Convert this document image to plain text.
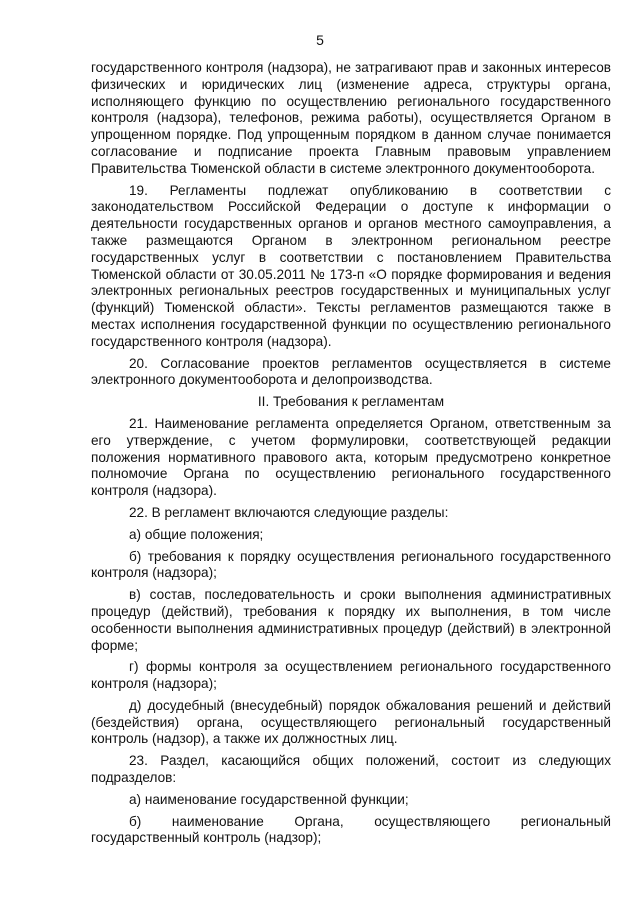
5

государственного контроля (надзора), не затрагивают прав и законных интересов физических и юридических лиц (изменение адреса, структуры органа, исполняющего функцию по осуществлению регионального государственного контроля (надзора), телефонов, режима работы), осуществляется Органом в упрощенном порядке. Под упрощенным порядком в данном случае понимается согласование и подписание проекта Главным правовым управлением Правительства Тюменской области в системе электронного документооборота.

19. Регламенты подлежат опубликованию в соответствии с законодательством Российской Федерации о доступе к информации о деятельности государственных органов и органов местного самоуправления, а также размещаются Органом в электронном региональном реестре государственных услуг в соответствии с постановлением Правительства Тюменской области от 30.05.2011 № 173-п «О порядке формирования и ведения электронных региональных реестров государственных и муниципальных услуг (функций) Тюменской области». Тексты регламентов размещаются также в местах исполнения государственной функции по осуществлению регионального государственного контроля (надзора).

20. Согласование проектов регламентов осуществляется в системе электронного документооборота и делопроизводства.

II. Требования к регламентам

21. Наименование регламента определяется Органом, ответственным за его утверждение, с учетом формулировки, соответствующей редакции положения нормативного правового акта, которым предусмотрено конкретное полномочие Органа по осуществлению регионального государственного контроля (надзора).

22. В регламент включаются следующие разделы:

а) общие положения;

б) требования к порядку осуществления регионального государственного контроля (надзора);

в) состав, последовательность и сроки выполнения административных процедур (действий), требования к порядку их выполнения, в том числе особенности выполнения административных процедур (действий) в электронной форме;

г) формы контроля за осуществлением регионального государственного контроля (надзора);

д) досудебный (внесудебный) порядок обжалования решений и действий (бездействия) органа, осуществляющего региональный государственный контроль (надзор), а также их должностных лиц.

23. Раздел, касающийся общих положений, состоит из следующих подразделов:

а) наименование государственной функции;

б) наименование Органа, осуществляющего региональный государственный контроль (надзор);
